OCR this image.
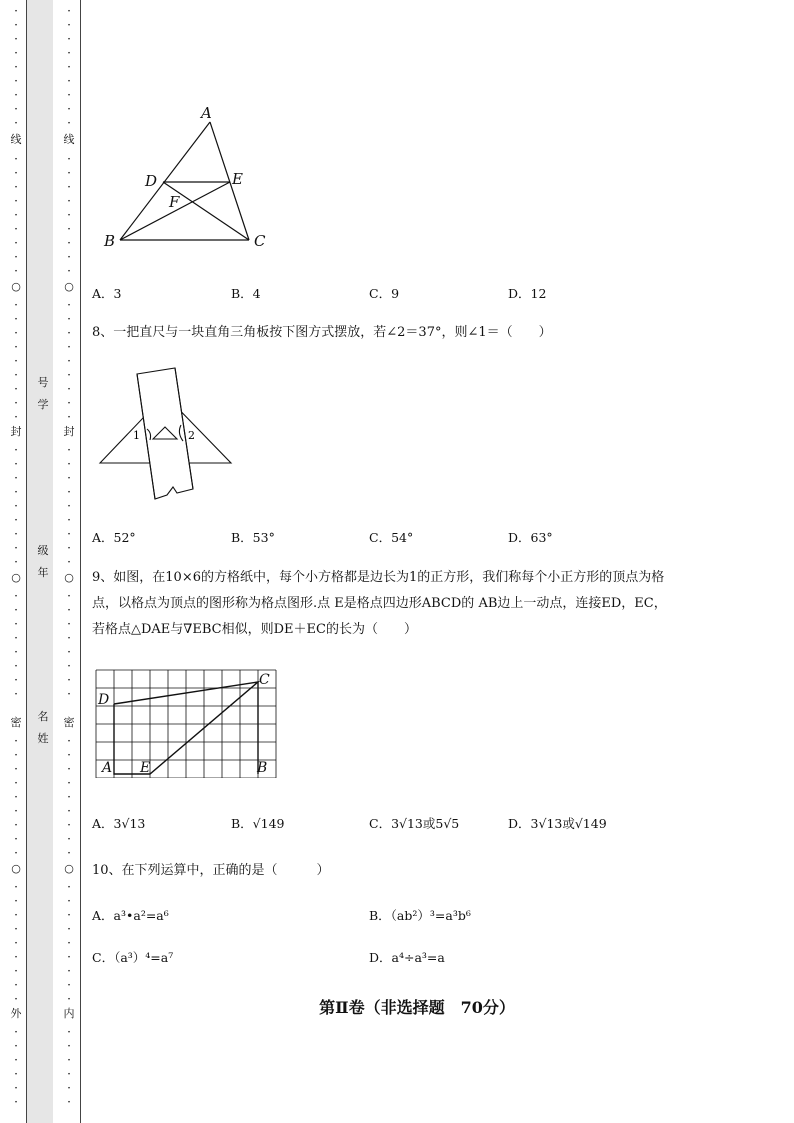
·
·
·
·
·
·
·
·
·
线
·
·
·
·
·
·
·
·
·
○
·
·
·
·
·
·
·
·
·
封
·
·
·
·
·
·
·
·
·
○
·
·
·
·
·
·
·
·
密
·
·
·
·
·
·
·
·
·
○
·
·
·
·
·
·
·
·
·
外
·
·
·
·
·
·
·
·
·
·
·
·
·
·
·
线
·
·
·
·
·
·
·
·
·
○
·
·
·
·
·
·
·
·
·
封
·
·
·
·
·
·
·
·
·
○
·
·
·
·
·
·
·
·
密
·
·
·
·
·
·
·
·
·
○
·
·
·
·
·
·
·
·
·
内
·
·
·
·
·
·
号
学
级
年
名
姓
A
D	E
F
B	C
A．3	B．4	C．9	D．12
8、一把直尺与一块直角三角板按下图方式摆放，若∠2＝37°，则∠1＝（　　）
1	2
A．52°	B．53°	C．54°	D．63°
9、如图，在10×6的方格纸中，每个小方格都是边长为1的正方形，我们称每个小正方形的顶点为格
点，以格点为顶点的图形称为格点图形.点 E是格点四边形ABCD的 AB边上一动点，连接ED，EC，
若格点△DAE与∇EBC相似，则DE＋EC的长为（　　）
C
D
A E	B
A．3√13	B．√149	C．3√13或5√5	D．3√13或√149
10、在下列运算中，正确的是（　　　）
A．a³•a²=a⁶	B．（ab²）³=a³b⁶
C．（a³）⁴=a⁷	D．a⁴÷a³=a
第Ⅱ卷（非选择题　70分）
